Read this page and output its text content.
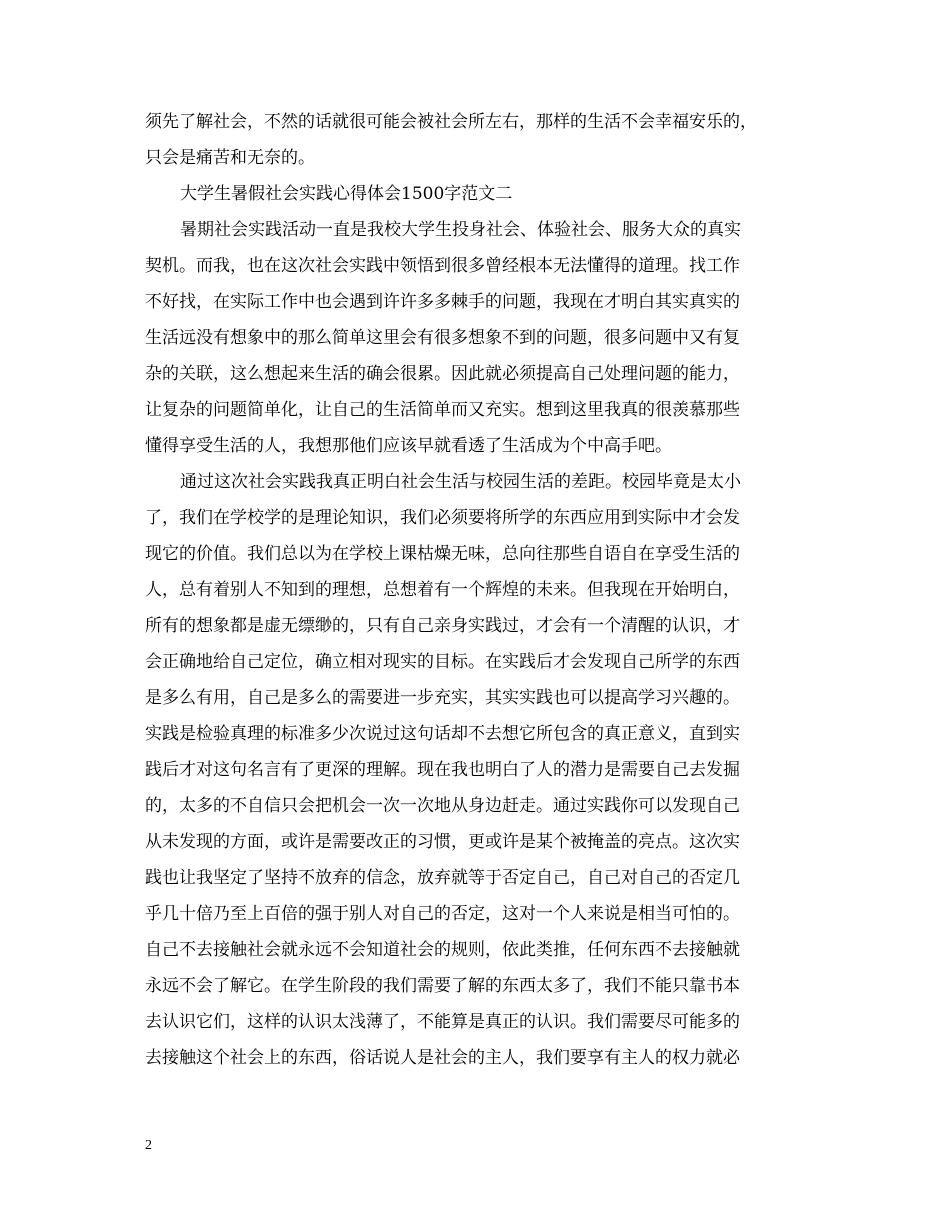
须先了解社会，不然的话就很可能会被社会所左右，那样的生活不会幸福安乐的，
只会是痛苦和无奈的。
大学生暑假社会实践心得体会1500字范文二
暑期社会实践活动一直是我校大学生投身社会、体验社会、服务大众的真实
契机。而我，也在这次社会实践中领悟到很多曾经根本无法懂得的道理。找工作
不好找，在实际工作中也会遇到许许多多棘手的问题，我现在才明白其实真实的
生活远没有想象中的那么简单这里会有很多想象不到的问题，很多问题中又有复
杂的关联，这么想起来生活的确会很累。因此就必须提高自己处理问题的能力，
让复杂的问题简单化，让自己的生活简单而又充实。想到这里我真的很羡慕那些
懂得享受生活的人，我想那他们应该早就看透了生活成为个中高手吧。
通过这次社会实践我真正明白社会生活与校园生活的差距。校园毕竟是太小
了，我们在学校学的是理论知识，我们必须要将所学的东西应用到实际中才会发
现它的价值。我们总以为在学校上课枯燥无味，总向往那些自语自在享受生活的
人，总有着别人不知到的理想，总想着有一个辉煌的未来。但我现在开始明白，
所有的想象都是虚无缥缈的，只有自己亲身实践过，才会有一个清醒的认识，才
会正确地给自己定位，确立相对现实的目标。在实践后才会发现自己所学的东西
是多么有用，自己是多么的需要进一步充实，其实实践也可以提高学习兴趣的。
实践是检验真理的标准多少次说过这句话却不去想它所包含的真正意义，直到实
践后才对这句名言有了更深的理解。现在我也明白了人的潜力是需要自己去发掘
的，太多的不自信只会把机会一次一次地从身边赶走。通过实践你可以发现自己
从未发现的方面，或许是需要改正的习惯，更或许是某个被掩盖的亮点。这次实
践也让我坚定了坚持不放弃的信念，放弃就等于否定自己，自己对自己的否定几
乎几十倍乃至上百倍的强于别人对自己的否定，这对一个人来说是相当可怕的。
自己不去接触社会就永远不会知道社会的规则，依此类推，任何东西不去接触就
永远不会了解它。在学生阶段的我们需要了解的东西太多了，我们不能只靠书本
去认识它们，这样的认识太浅薄了，不能算是真正的认识。我们需要尽可能多的
去接触这个社会上的东西，俗话说人是社会的主人，我们要享有主人的权力就必
2
